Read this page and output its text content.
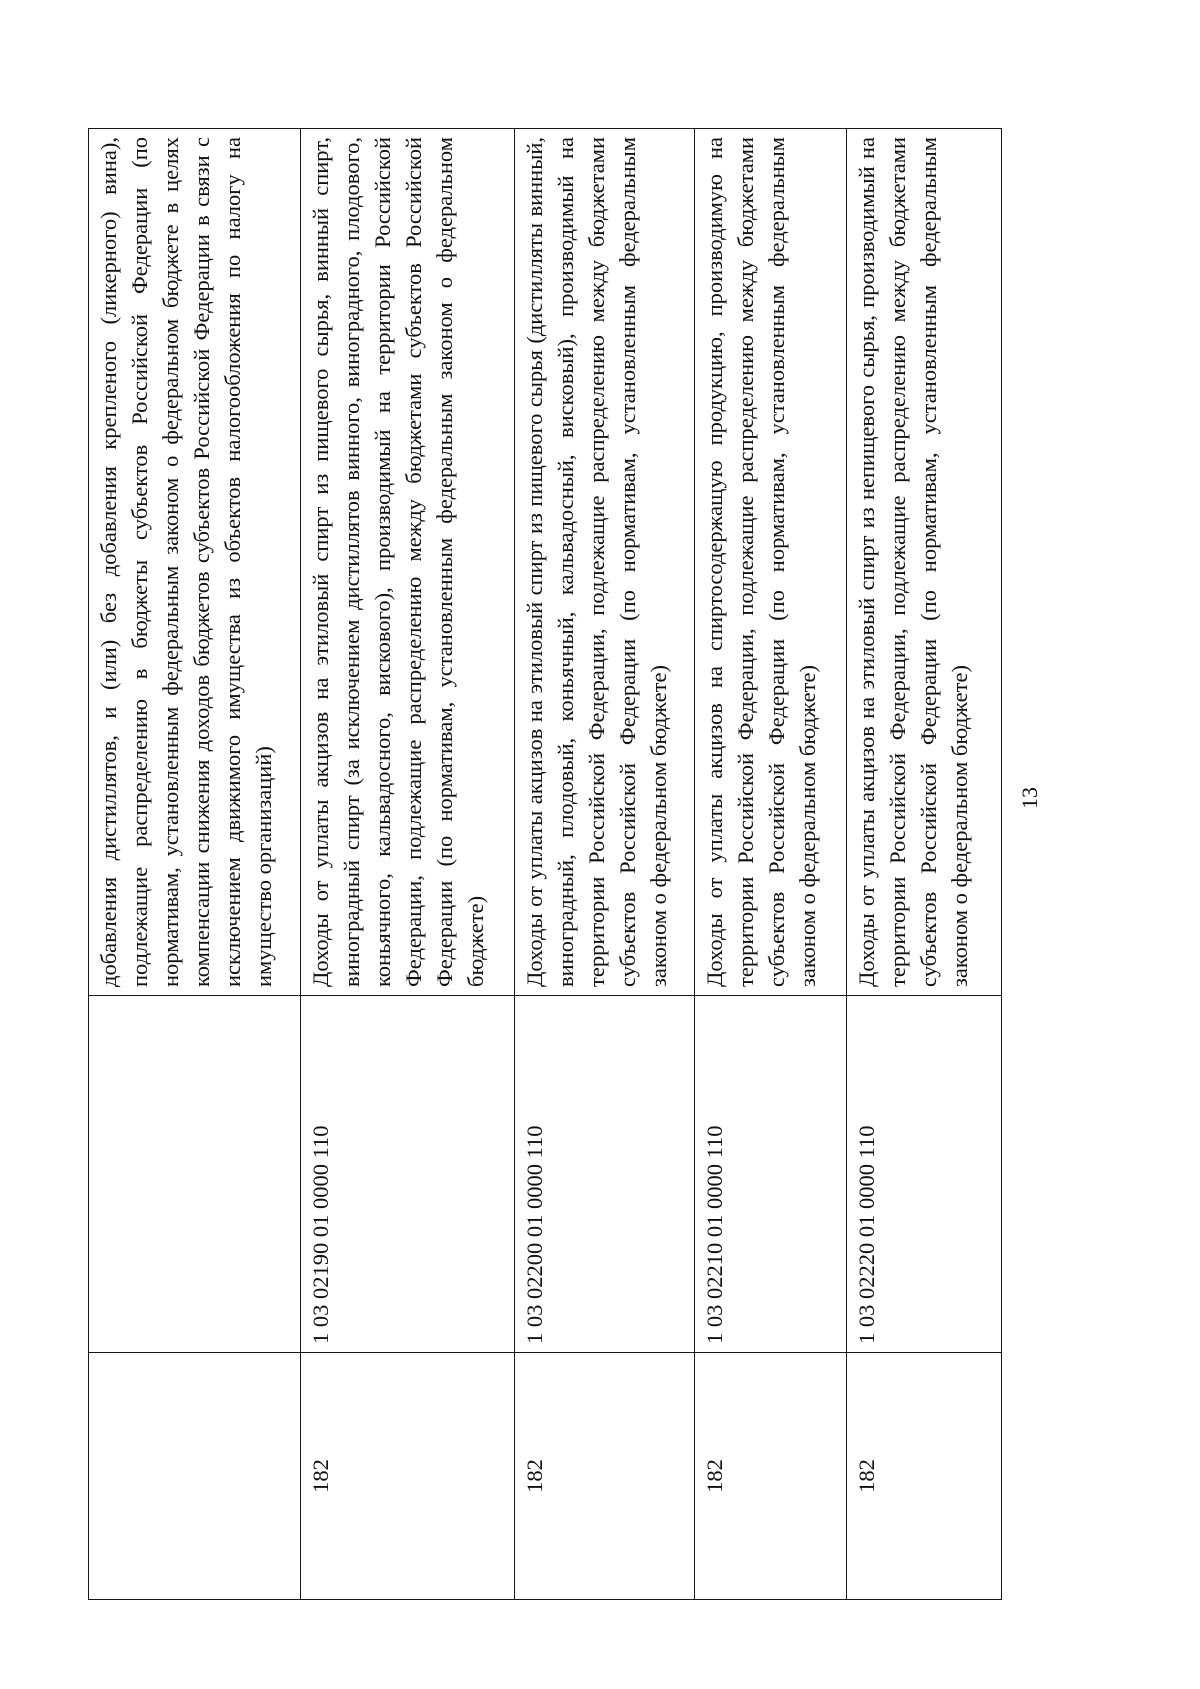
		добавления дистиллятов, и (или) без добавления крепленого (ликерного) вина), подлежащие распределению в бюджеты субъектов Российской Федерации (по нормативам, установленным федеральным законом о федеральном бюджете в целях компенсации снижения доходов бюджетов субъектов Российской Федерации в связи с исключением движимого имущества из объектов налогообложения по налогу на имущество организаций)
182	1 03 02190 01 0000 110	Доходы от уплаты акцизов на этиловый спирт из пищевого сырья, винный спирт, виноградный спирт (за исключением дистиллятов винного, виноградного, плодового, коньячного, кальвадосного, вискового), производимый на территории Российской Федерации, подлежащие распределению между бюджетами субъектов Российской Федерации (по нормативам, установленным федеральным законом о федеральном бюджете)
182	1 03 02200 01 0000 110	Доходы от уплаты акцизов на этиловый спирт из пищевого сырья (дистилляты винный, виноградный, плодовый, коньячный, кальвадосный, висковый), производимый на территории Российской Федерации, подлежащие распределению между бюджетами субъектов Российской Федерации (по нормативам, установленным федеральным законом о федеральном бюджете)
182	1 03 02210 01 0000 110	Доходы от уплаты акцизов на спиртосодержащую продукцию, производимую на территории Российской Федерации, подлежащие распределению между бюджетами субъектов Российской Федерации (по нормативам, установленным федеральным законом о федеральном бюджете)
182	1 03 02220 01 0000 110	Доходы от уплаты акцизов на этиловый спирт из непищевого сырья, производимый на территории Российской Федерации, подлежащие распределению между бюджетами субъектов Российской Федерации (по нормативам, установленным федеральным законом о федеральном бюджете) 13
